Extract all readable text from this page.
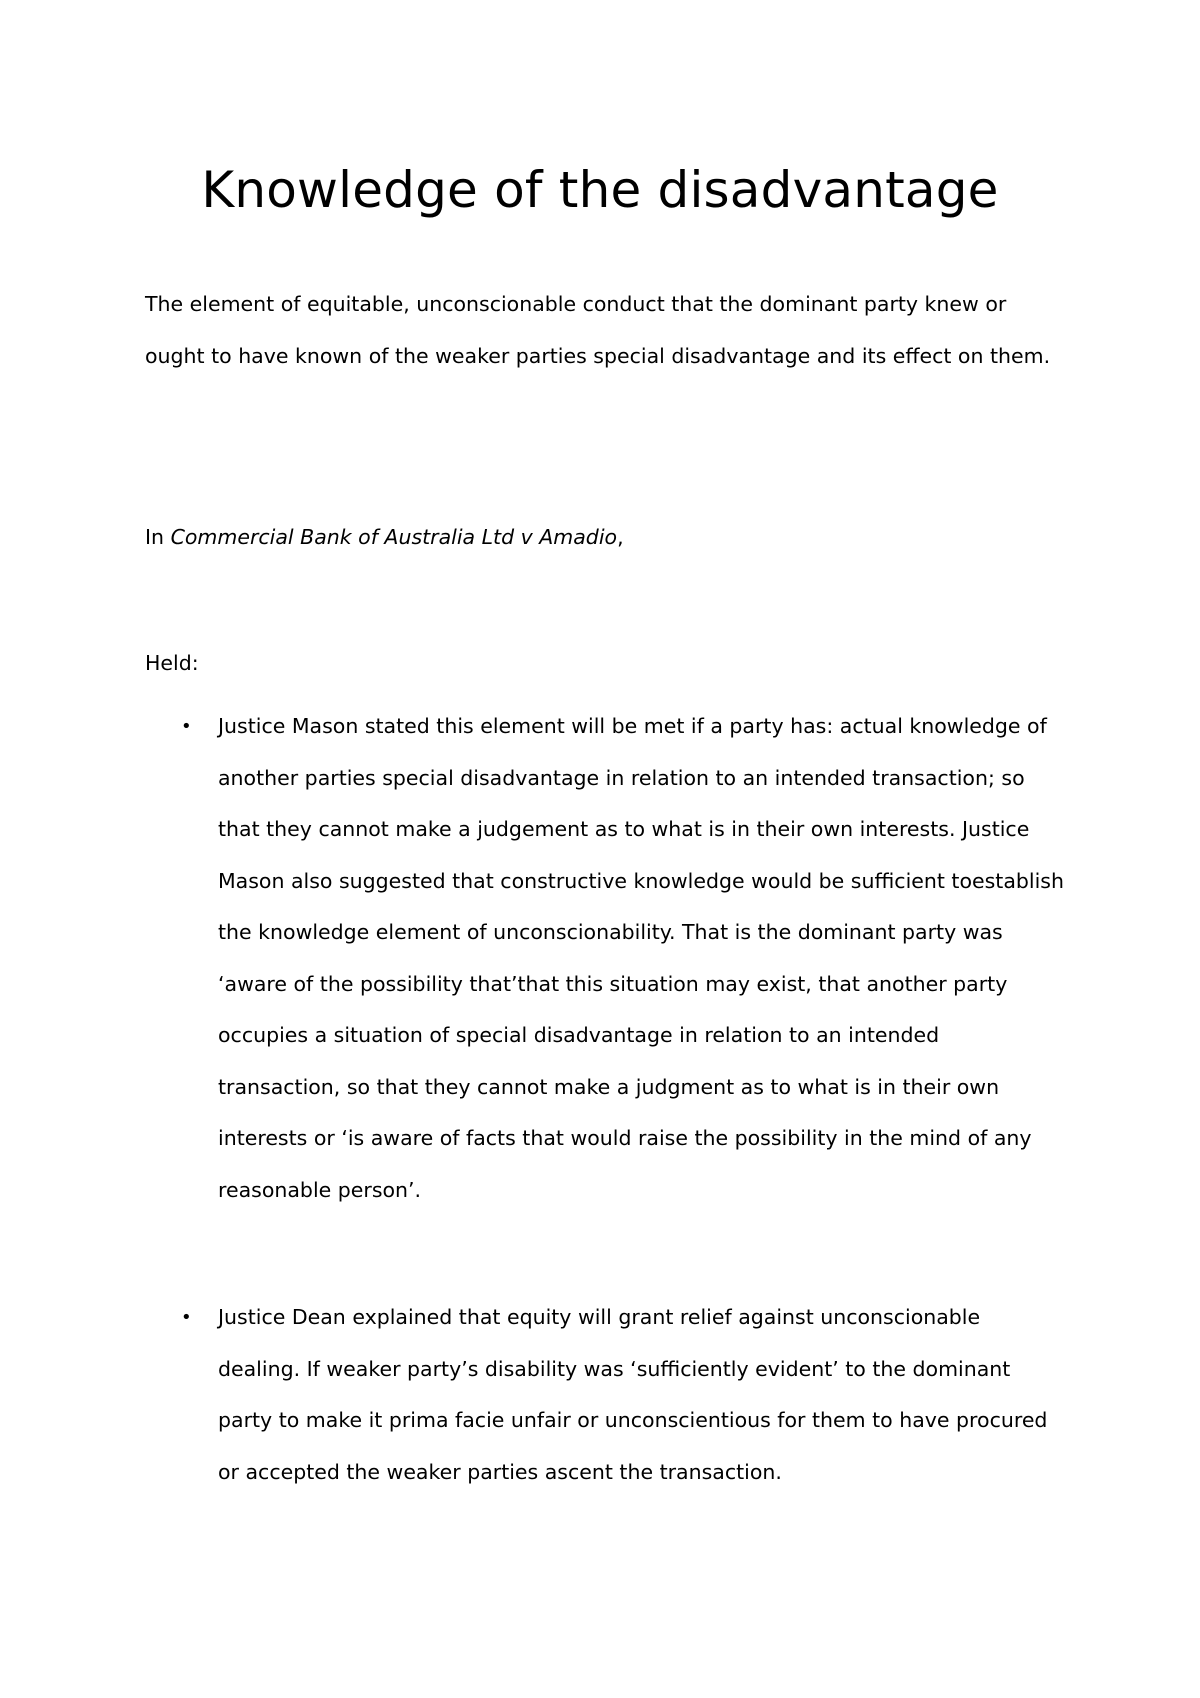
Knowledge of the disadvantage

The element of equitable, unconscionable conduct that the dominant party knew or ought to have known of the weaker parties special disadvantage and its effect on them.

In Commercial Bank of Australia Ltd v Amadio,

Held:

• Justice Mason stated this element will be met if a party has: actual knowledge of another parties special disadvantage in relation to an intended transaction; so that they cannot make a judgement as to what is in their own interests. Justice Mason also suggested that constructive knowledge would be sufficient toestablish the knowledge element of unconscionability. That is the dominant party was ‘aware of the possibility that’that this situation may exist, that another party occupies a situation of special disadvantage in relation to an intended transaction, so that they cannot make a judgment as to what is in their own interests or ‘is aware of facts that would raise the possibility in the mind of any reasonable person’.
• Justice Dean explained that equity will grant relief against unconscionable dealing. If weaker party’s disability was ‘sufficiently evident’ to the dominant party to make it prima facie unfair or unconscientious for them to have procured or accepted the weaker parties ascent the transaction.
